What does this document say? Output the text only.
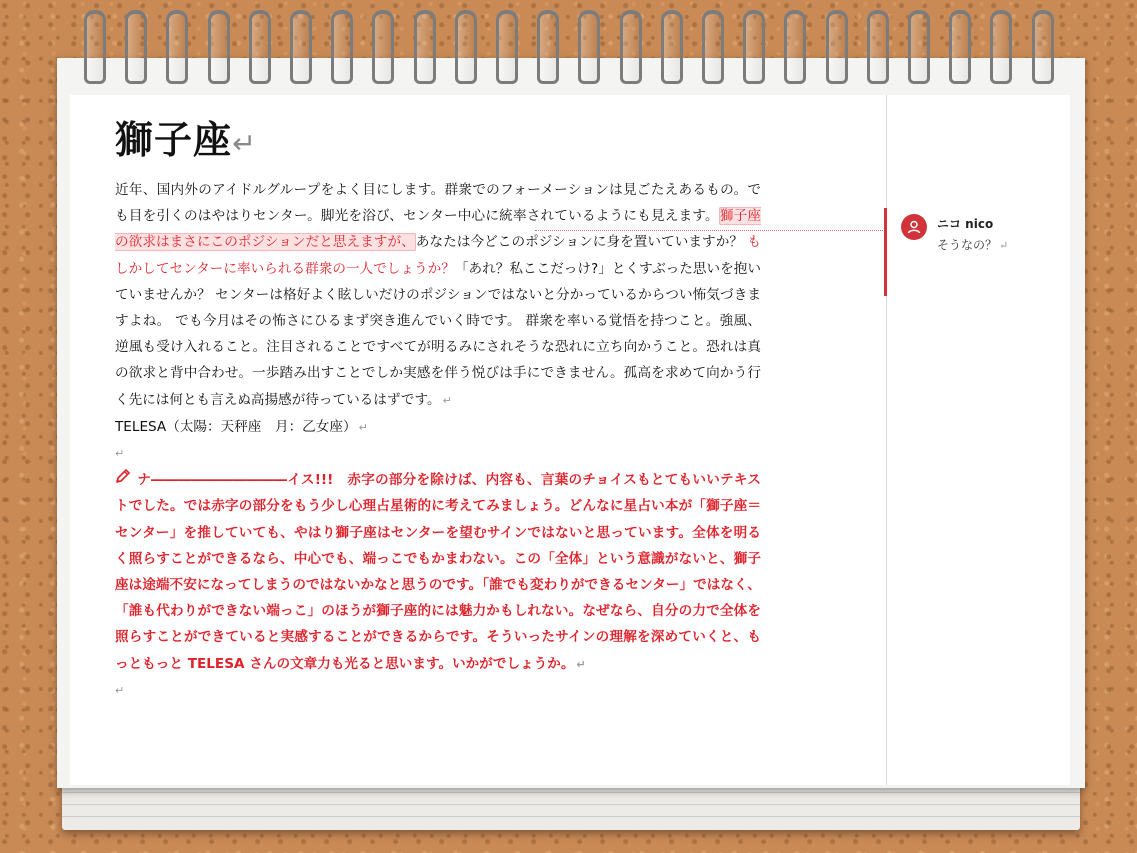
獅子座↵
近年、国内外のアイドルグループをよく目にします。群衆でのフォーメーションは見ごたえあるもの。でも目を引くのはやはりセンター。脚光を浴び、センター中心に統率されているようにも見えます。獅子座の欲求はまさにこのポジションだと思えますが、あなたは今どこのポジションに身を置いていますか？ もしかしてセンターに率いられる群衆の一人でしょうか？「あれ？私ここだっけ?」とくすぶった思いを抱いていませんか？ センターは格好よく眩しいだけのポジションではないと分かっているからつい怖気づきますよね。 でも今月はその怖さにひるまず突き進んでいく時です。 群衆を率いる覚悟を持つこと。強風、逆風も受け入れること。注目されることですべてが明るみにされそうな恐れに立ち向かうこと。恐れは真の欲求と背中合わせ。一歩踏み出すことでしか実感を伴う悦びは手にできません。孤高を求めて向かう行く先には何とも言えぬ高揚感が待っているはずです。 ↵
TELESA（太陽：天秤座　月：乙女座） ↵
↵
ナ――――――――――イス!!!　赤字の部分を除けば、内容も、言葉のチョイスもとてもいいテキストでした。では赤字の部分をもう少し心理占星術的に考えてみましょう。どんなに星占い本が「獅子座＝センター」を推していても、やはり獅子座はセンターを望むサインではないと思っています。全体を明るく照らすことができるなら、中心でも、端っこでもかまわない。この「全体」という意識がないと、獅子座は途端不安になってしまうのではないかなと思うのです。「誰でも変わりができるセンター」ではなく、「誰も代わりができない端っこ」のほうが獅子座的には魅力かもしれない。なぜなら、自分の力で全体を照らすことができていると実感することができるからです。そういったサインの理解を深めていくと、もっともっと TELESA さんの文章力も光ると思います。いかがでしょうか。 ↵
↵
ニコ nico
そうなの？ ↵
